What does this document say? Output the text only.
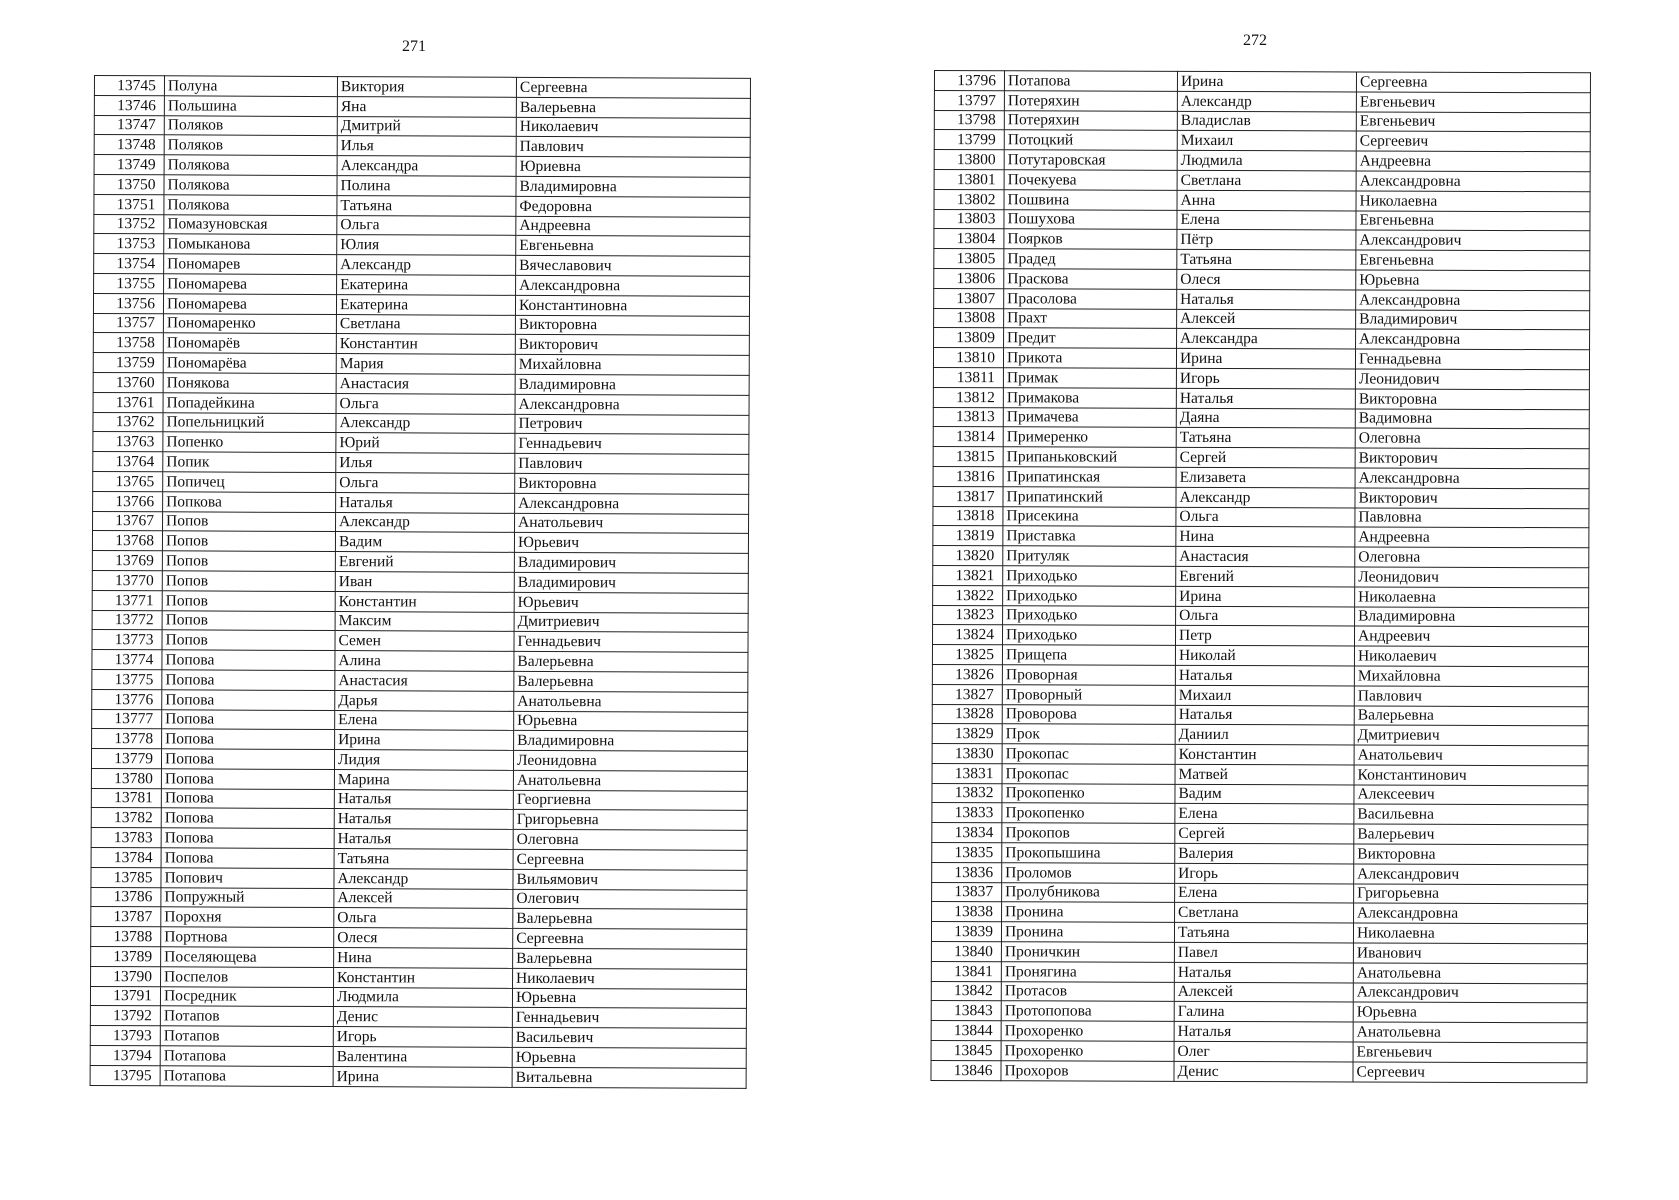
271	272
13745	Полуна	Виктория	Сергеевна
13746	Польшина	Яна	Валерьевна
13747	Поляков	Дмитрий	Николаевич
13748	Поляков	Илья	Павлович
13749	Полякова	Александра	Юриевна
13750	Полякова	Полина	Владимировна
13751	Полякова	Татьяна	Федоровна
13752	Помазуновская	Ольга	Андреевна
13753	Помыканова	Юлия	Евгеньевна
13754	Пономарев	Александр	Вячеславович
13755	Пономарева	Екатерина	Александровна
13756	Пономарева	Екатерина	Константиновна
13757	Пономаренко	Светлана	Викторовна
13758	Пономарёв	Константин	Викторович
13759	Пономарёва	Мария	Михайловна
13760	Понякова	Анастасия	Владимировна
13761	Попадейкина	Ольга	Александровна
13762	Попельницкий	Александр	Петрович
13763	Попенко	Юрий	Геннадьевич
13764	Попик	Илья	Павлович
13765	Попичец	Ольга	Викторовна
13766	Попкова	Наталья	Александровна
13767	Попов	Александр	Анатольевич
13768	Попов	Вадим	Юрьевич
13769	Попов	Евгений	Владимирович
13770	Попов	Иван	Владимирович
13771	Попов	Константин	Юрьевич
13772	Попов	Максим	Дмитриевич
13773	Попов	Семен	Геннадьевич
13774	Попова	Алина	Валерьевна
13775	Попова	Анастасия	Валерьевна
13776	Попова	Дарья	Анатольевна
13777	Попова	Елена	Юрьевна
13778	Попова	Ирина	Владимировна
13779	Попова	Лидия	Леонидовна
13780	Попова	Марина	Анатольевна
13781	Попова	Наталья	Георгиевна
13782	Попова	Наталья	Григорьевна
13783	Попова	Наталья	Олеговна
13784	Попова	Татьяна	Сергеевна
13785	Попович	Александр	Вильямович
13786	Попружный	Алексей	Олегович
13787	Порохня	Ольга	Валерьевна
13788	Портнова	Олеся	Сергеевна
13789	Поселяющева	Нина	Валерьевна
13790	Поспелов	Константин	Николаевич
13791	Посредник	Людмила	Юрьевна
13792	Потапов	Денис	Геннадьевич
13793	Потапов	Игорь	Васильевич
13794	Потапова	Валентина	Юрьевна
13795	Потапова	Ирина	Витальевна
13796	Потапова	Ирина	Сергеевна
13797	Потеряхин	Александр	Евгеньевич
13798	Потеряхин	Владислав	Евгеньевич
13799	Потоцкий	Михаил	Сергеевич
13800	Потутаровская	Людмила	Андреевна
13801	Почекуева	Светлана	Александровна
13802	Пошвина	Анна	Николаевна
13803	Пошухова	Елена	Евгеньевна
13804	Поярков	Пётр	Александрович
13805	Прадед	Татьяна	Евгеньевна
13806	Праскова	Олеся	Юрьевна
13807	Прасолова	Наталья	Александровна
13808	Прахт	Алексей	Владимирович
13809	Предит	Александра	Александровна
13810	Прикота	Ирина	Геннадьевна
13811	Примак	Игорь	Леонидович
13812	Примакова	Наталья	Викторовна
13813	Примачева	Даяна	Вадимовна
13814	Примеренко	Татьяна	Олеговна
13815	Припаньковский	Сергей	Викторович
13816	Припатинская	Елизавета	Александровна
13817	Припатинский	Александр	Викторович
13818	Присекина	Ольга	Павловна
13819	Приставка	Нина	Андреевна
13820	Притуляк	Анастасия	Олеговна
13821	Приходько	Евгений	Леонидович
13822	Приходько	Ирина	Николаевна
13823	Приходько	Ольга	Владимировна
13824	Приходько	Петр	Андреевич
13825	Прищепа	Николай	Николаевич
13826	Проворная	Наталья	Михайловна
13827	Проворный	Михаил	Павлович
13828	Проворова	Наталья	Валерьевна
13829	Прок	Даниил	Дмитриевич
13830	Прокопас	Константин	Анатольевич
13831	Прокопас	Матвей	Константинович
13832	Прокопенко	Вадим	Алексеевич
13833	Прокопенко	Елена	Васильевна
13834	Прокопов	Сергей	Валерьевич
13835	Прокопышина	Валерия	Викторовна
13836	Проломов	Игорь	Александрович
13837	Пролубникова	Елена	Григорьевна
13838	Пронина	Светлана	Александровна
13839	Пронина	Татьяна	Николаевна
13840	Проничкин	Павел	Иванович
13841	Пронягина	Наталья	Анатольевна
13842	Протасов	Алексей	Александрович
13843	Протопопова	Галина	Юрьевна
13844	Прохоренко	Наталья	Анатольевна
13845	Прохоренко	Олег	Евгеньевич
13846	Прохоров	Денис	Сергеевич
